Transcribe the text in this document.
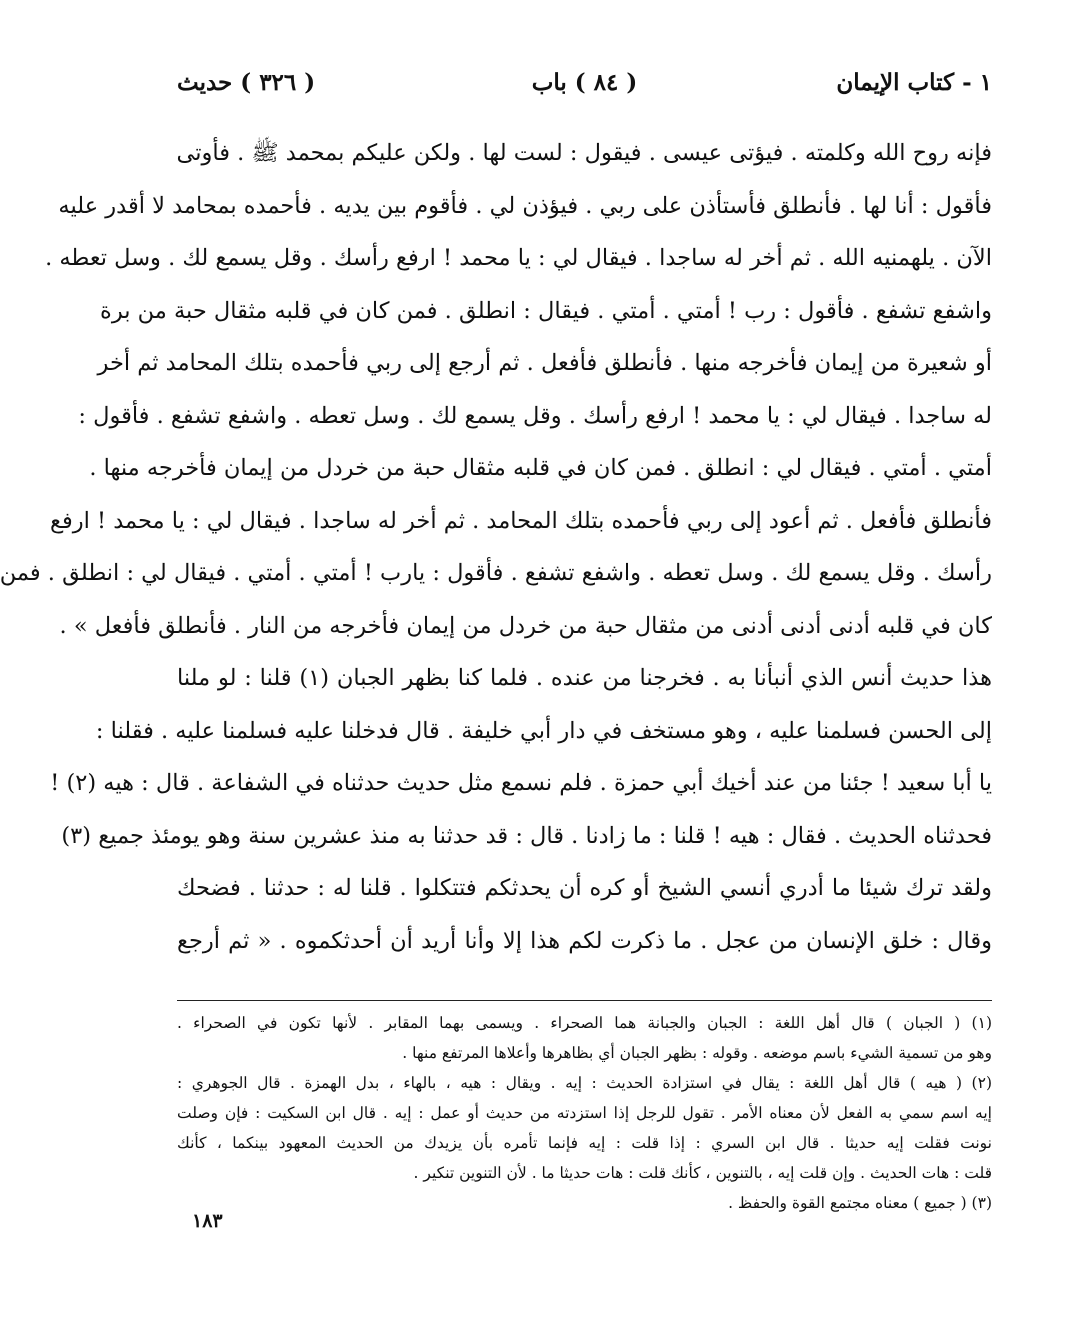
١ - كتاب الإيمان
( ٨٤ ) باب
( ٣٢٦ ) حديث
فإنه روح الله وكلمته . فيؤتى عيسى . فيقول : لست لها . ولكن عليكم بمحمد ﷺ . فأوتى
فأقول : أنا لها . فأنطلق فأستأذن على ربي . فيؤذن لي . فأقوم بين يديه . فأحمده بمحامد لا أقدر عليه
الآن . يلهمنيه الله . ثم أخر له ساجدا . فيقال لي : يا محمد ! ارفع رأسك . وقل يسمع لك . وسل تعطه .
واشفع تشفع . فأقول : رب ! أمتي . أمتي . فيقال : انطلق . فمن كان في قلبه مثقال حبة من برة
أو شعيرة من إيمان فأخرجه منها . فأنطلق فأفعل . ثم أرجع إلى ربي فأحمده بتلك المحامد ثم أخر
له ساجدا . فيقال لي : يا محمد ! ارفع رأسك . وقل يسمع لك . وسل تعطه . واشفع تشفع . فأقول :
أمتي . أمتي . فيقال لي : انطلق . فمن كان في قلبه مثقال حبة من خردل من إيمان فأخرجه منها .
فأنطلق فأفعل . ثم أعود إلى ربي فأحمده بتلك المحامد . ثم أخر له ساجدا . فيقال لي : يا محمد ! ارفع
رأسك . وقل يسمع لك . وسل تعطه . واشفع تشفع . فأقول : يارب ! أمتي . أمتي . فيقال لي : انطلق . فمن
كان في قلبه أدنى أدنى أدنى من مثقال حبة من خردل من إيمان فأخرجه من النار . فأنطلق فأفعل » .
هذا حديث أنس الذي أنبأنا به . فخرجنا من عنده . فلما كنا بظهر الجبان (١) قلنا : لو ملنا
إلى الحسن فسلمنا عليه ، وهو مستخف في دار أبي خليفة . قال فدخلنا عليه فسلمنا عليه . فقلنا :
يا أبا سعيد ! جئنا من عند أخيك أبي حمزة . فلم نسمع مثل حديث حدثناه في الشفاعة . قال : هيه (٢) !
فحدثناه الحديث . فقال : هيه ! قلنا : ما زادنا . قال : قد حدثنا به منذ عشرين سنة وهو يومئذ جميع (٣)
ولقد ترك شيئا ما أدري أنسي الشيخ أو كره أن يحدثكم فتتكلوا . قلنا له : حدثنا . فضحك
وقال : خلق الإنسان من عجل . ما ذكرت لكم هذا إلا وأنا أريد أن أحدثكموه . « ثم أرجع
(١) ( الجبان ) قال أهل اللغة : الجبان والجبانة هما الصحراء . ويسمى بهما المقابر . لأنها تكون في الصحراء .
وهو من تسمية الشيء باسم موضعه . وقوله : بظهر الجبان أي بظاهرها وأعلاها المرتفع منها .
(٢) ( هيه ) قال أهل اللغة : يقال في استزادة الحديث : إيه . ويقال : هيه ، بالهاء ، بدل الهمزة . قال الجوهري :
إيه اسم سمي به الفعل لأن معناه الأمر . تقول للرجل إذا استزدته من حديث أو عمل : إيه . قال ابن السكيت : فإن وصلت
نونت فقلت إيه حديثا . قال ابن السري : إذا قلت : إيه فإنما تأمره بأن يزيدك من الحديث المعهود بينكما ، كأنك
قلت : هات الحديث . وإن قلت إيه ، بالتنوين ، كأنك قلت : هات حديثا ما . لأن التنوين تنكير .
(٣) ( جميع ) معناه مجتمع القوة والحفظ .
١٨٣
